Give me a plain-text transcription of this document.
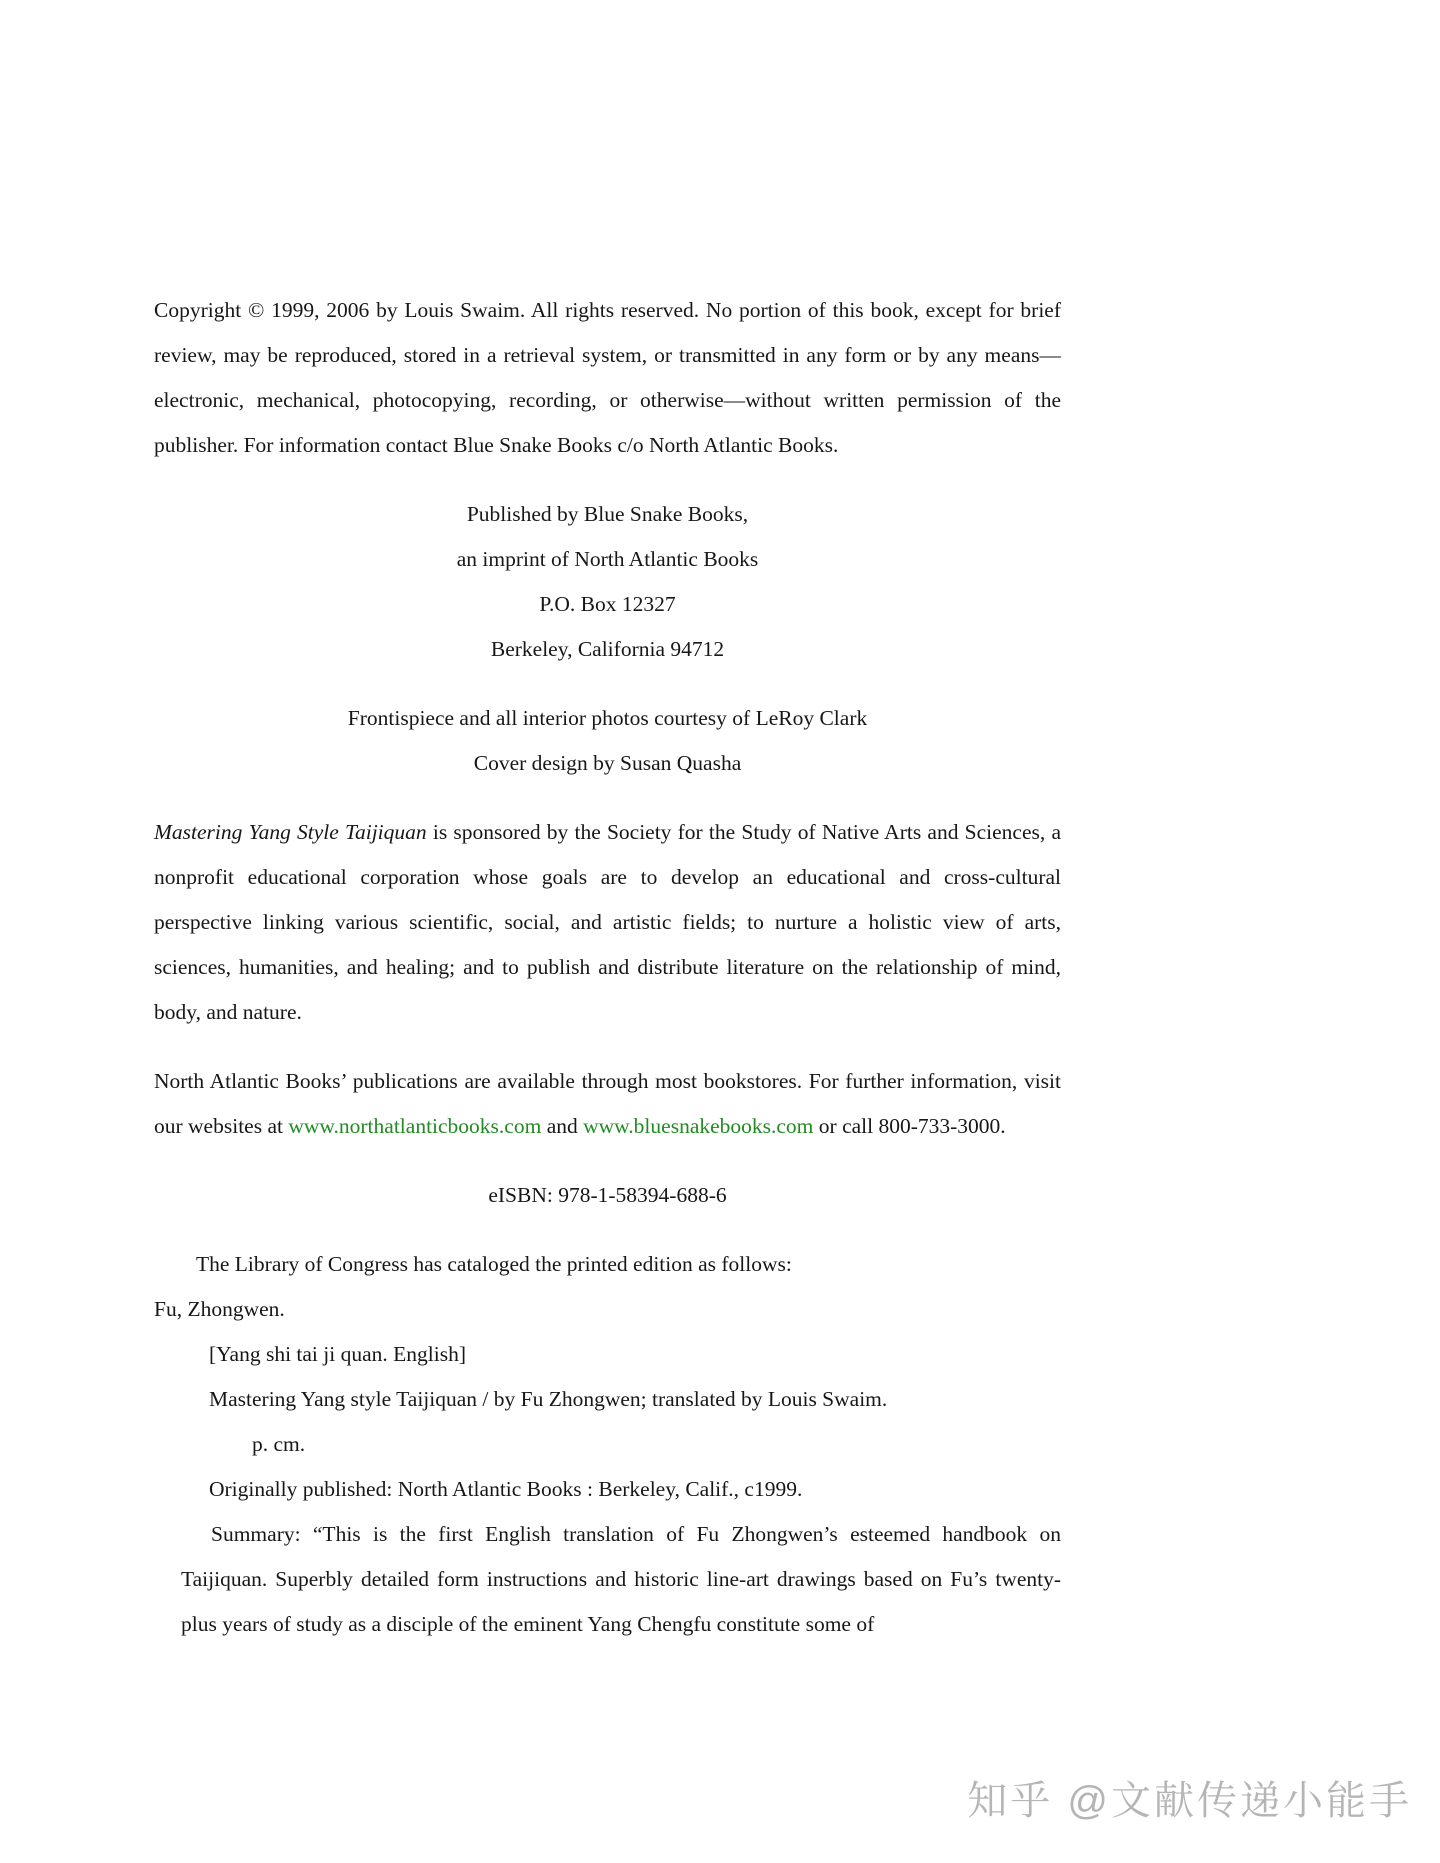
Copyright © 1999, 2006 by Louis Swaim. All rights reserved. No portion of this book, except for brief review, may be reproduced, stored in a retrieval system, or transmitted in any form or by any means—electronic, mechanical, photocopying, recording, or otherwise—without written permission of the publisher. For information contact Blue Snake Books c/o North Atlantic Books.

Published by Blue Snake Books,
an imprint of North Atlantic Books
P.O. Box 12327
Berkeley, California 94712
Frontispiece and all interior photos courtesy of LeRoy Clark
Cover design by Susan Quasha

Mastering Yang Style Taijiquan is sponsored by the Society for the Study of Native Arts and Sciences, a nonprofit educational corporation whose goals are to develop an educational and cross-cultural perspective linking various scientific, social, and artistic fields; to nurture a holistic view of arts, sciences, humanities, and healing; and to publish and distribute literature on the relationship of mind, body, and nature.

North Atlantic Books’ publications are available through most bookstores. For further information, visit our websites at www.northatlanticbooks.com and www.bluesnakebooks.com or call 800-733-3000.

eISBN: 978-1-58394-688-6

The Library of Congress has cataloged the printed edition as follows:
Fu, Zhongwen.
[Yang shi tai ji quan. English]
Mastering Yang style Taijiquan / by Fu Zhongwen; translated by Louis Swaim.
p. cm.
Originally published: North Atlantic Books : Berkeley, Calif., c1999.
Summary: “This is the first English translation of Fu Zhongwen’s esteemed handbook on Taijiquan. Superbly detailed form instructions and historic line-art drawings based on Fu’s twenty-plus years of study as a disciple of the eminent Yang Chengfu constitute some of
知乎 @文献传递小能手
